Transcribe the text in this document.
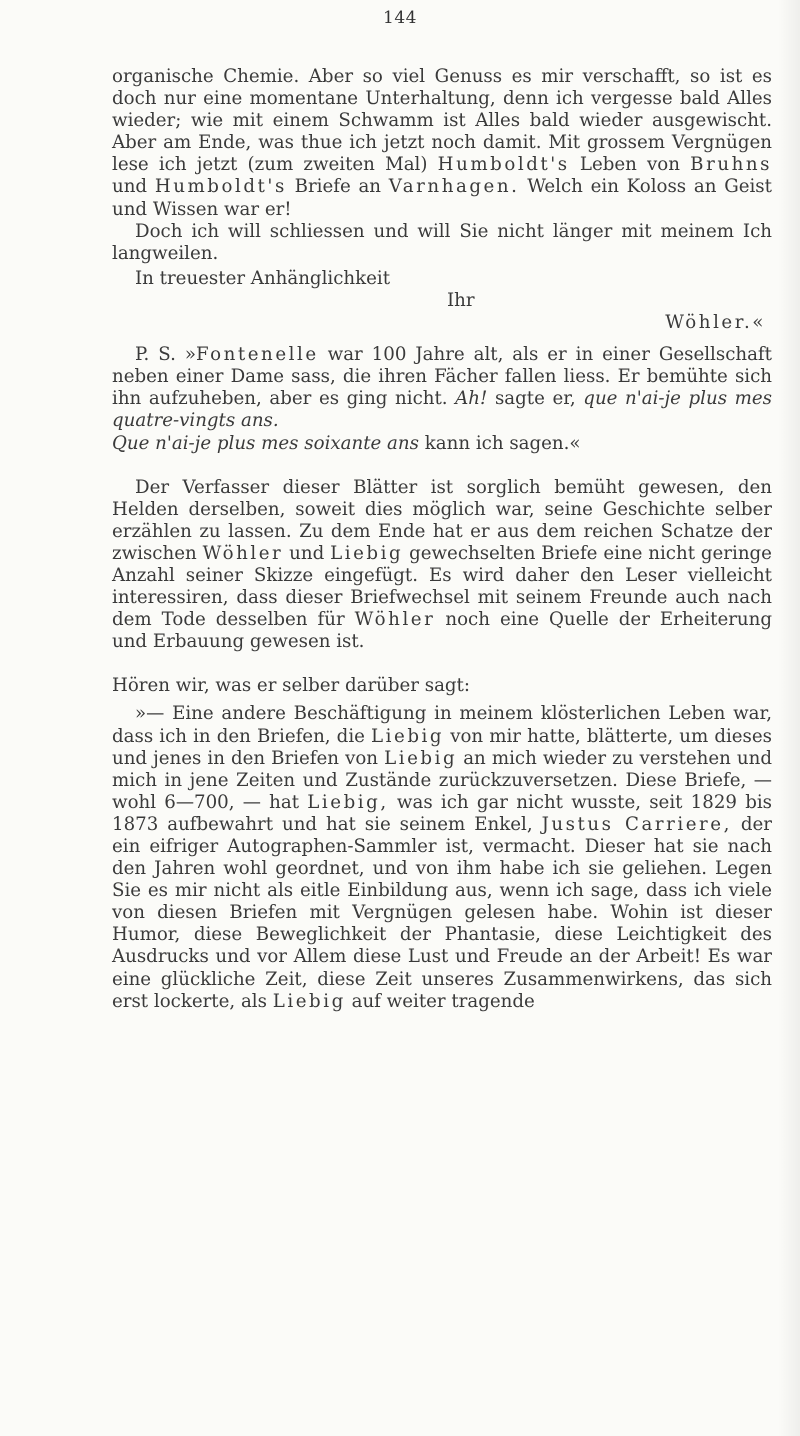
144

organische Chemie. Aber so viel Genuss es mir verschafft, so ist es doch nur eine momentane Unterhaltung, denn ich vergesse bald Alles wieder; wie mit einem Schwamm ist Alles bald wieder ausgewischt. Aber am Ende, was thue ich jetzt noch damit. Mit grossem Vergnügen lese ich jetzt (zum zweiten Mal) Humboldt's Leben von Bruhns und Humboldt's Briefe an Varnhagen. Welch ein Koloss an Geist und Wissen war er!

Doch ich will schliessen und will Sie nicht länger mit meinem Ich langweilen.

In treuester Anhänglichkeit

Ihr

Wöhler.«

P. S. »Fontenelle war 100 Jahre alt, als er in einer Gesellschaft neben einer Dame sass, die ihren Fächer fallen liess. Er bemühte sich ihn aufzuheben, aber es ging nicht. Ah! sagte er, que n'ai-je plus mes quatre-vingts ans.
Que n'ai-je plus mes soixante ans kann ich sagen.«

Der Verfasser dieser Blätter ist sorglich bemüht gewesen, den Helden derselben, soweit dies möglich war, seine Geschichte selber erzählen zu lassen. Zu dem Ende hat er aus dem reichen Schatze der zwischen Wöhler und Liebig gewechselten Briefe eine nicht geringe Anzahl seiner Skizze eingefügt. Es wird daher den Leser vielleicht interessiren, dass dieser Briefwechsel mit seinem Freunde auch nach dem Tode desselben für Wöhler noch eine Quelle der Erheiterung und Erbauung gewesen ist.

Hören wir, was er selber darüber sagt:

»— Eine andere Beschäftigung in meinem klösterlichen Leben war, dass ich in den Briefen, die Liebig von mir hatte, blätterte, um dieses und jenes in den Briefen von Liebig an mich wieder zu verstehen und mich in jene Zeiten und Zustände zurückzuversetzen. Diese Briefe, — wohl 6—700, — hat Liebig, was ich gar nicht wusste, seit 1829 bis 1873 aufbewahrt und hat sie seinem Enkel, Justus Carriere, der ein eifriger Autographen-Sammler ist, vermacht. Dieser hat sie nach den Jahren wohl geordnet, und von ihm habe ich sie geliehen. Legen Sie es mir nicht als eitle Einbildung aus, wenn ich sage, dass ich viele von diesen Briefen mit Vergnügen gelesen habe. Wohin ist dieser Humor, diese Beweglichkeit der Phantasie, diese Leichtigkeit des Ausdrucks und vor Allem diese Lust und Freude an der Arbeit! Es war eine glückliche Zeit, diese Zeit unseres Zusammenwirkens, das sich erst lockerte, als Liebig auf weiter tragende
